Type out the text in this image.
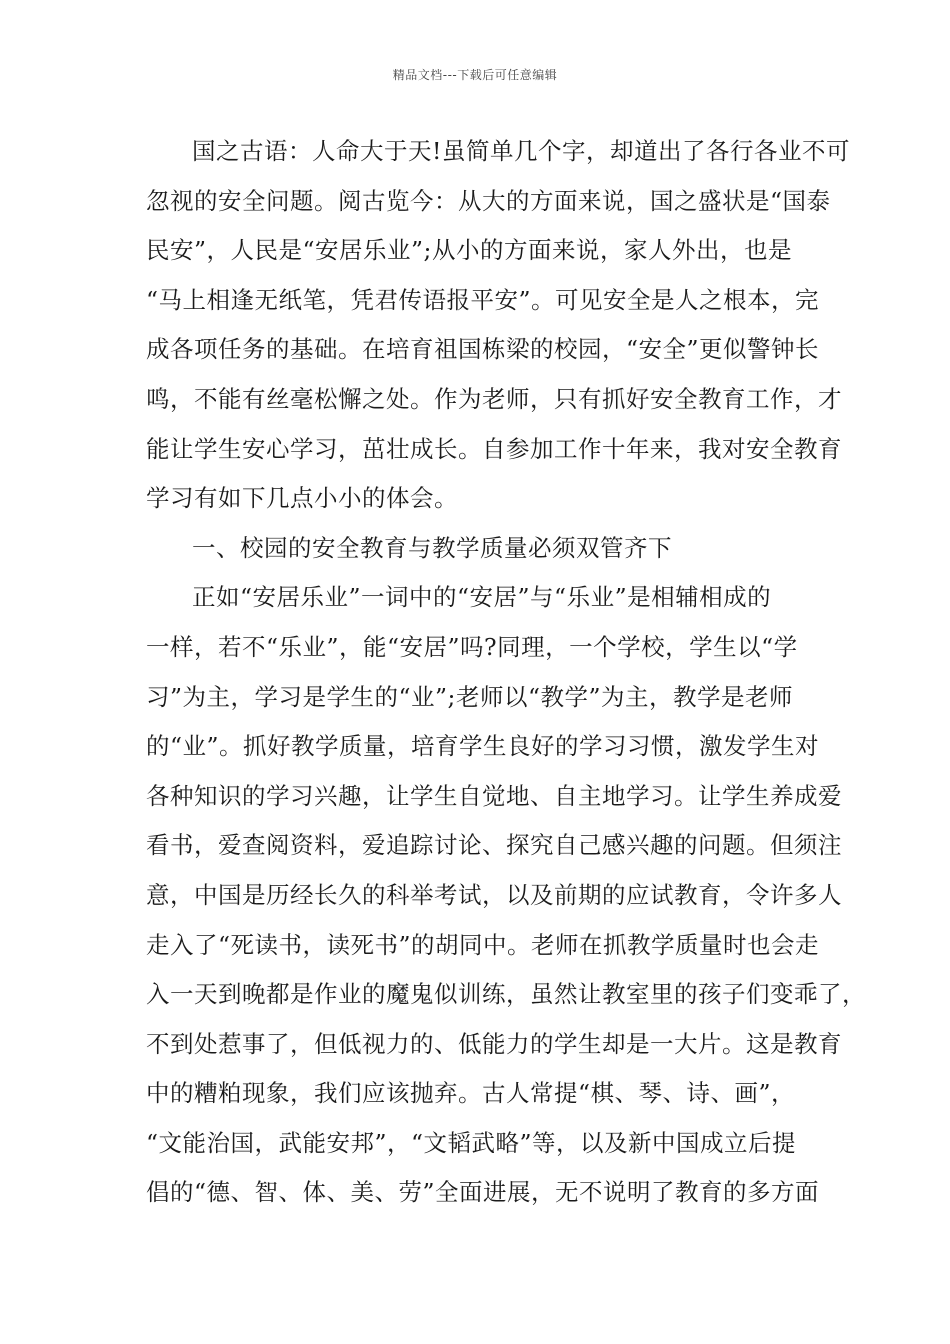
精品文档---下载后可任意编辑
国之古语：人命大于天!虽简单几个字，却道出了各行各业不可
忽视的安全问题。阅古览今：从大的方面来说，国之盛状是“国泰
民安”，人民是“安居乐业”;从小的方面来说，家人外出，也是
“马上相逢无纸笔，凭君传语报平安”。可见安全是人之根本，完
成各项任务的基础。在培育祖国栋梁的校园，“安全”更似警钟长
鸣，不能有丝毫松懈之处。作为老师，只有抓好安全教育工作，才
能让学生安心学习，茁壮成长。自参加工作十年来，我对安全教育
学习有如下几点小小的体会。
一、校园的安全教育与教学质量必须双管齐下
正如“安居乐业”一词中的“安居”与“乐业”是相辅相成的
一样，若不“乐业”，能“安居”吗?同理，一个学校，学生以“学
习”为主，学习是学生的“业”;老师以“教学”为主，教学是老师
的“业”。抓好教学质量，培育学生良好的学习习惯，激发学生对
各种知识的学习兴趣，让学生自觉地、自主地学习。让学生养成爱
看书，爱查阅资料，爱追踪讨论、探究自己感兴趣的问题。但须注
意，中国是历经长久的科举考试，以及前期的应试教育，令许多人
走入了“死读书，读死书”的胡同中。老师在抓教学质量时也会走
入一天到晚都是作业的魔鬼似训练，虽然让教室里的孩子们变乖了，
不到处惹事了，但低视力的、低能力的学生却是一大片。这是教育
中的糟粕现象，我们应该抛弃。古人常提“棋、琴、诗、画”，
“文能治国，武能安邦”，“文韬武略”等，以及新中国成立后提
倡的“德、智、体、美、劳”全面进展，无不说明了教育的多方面
